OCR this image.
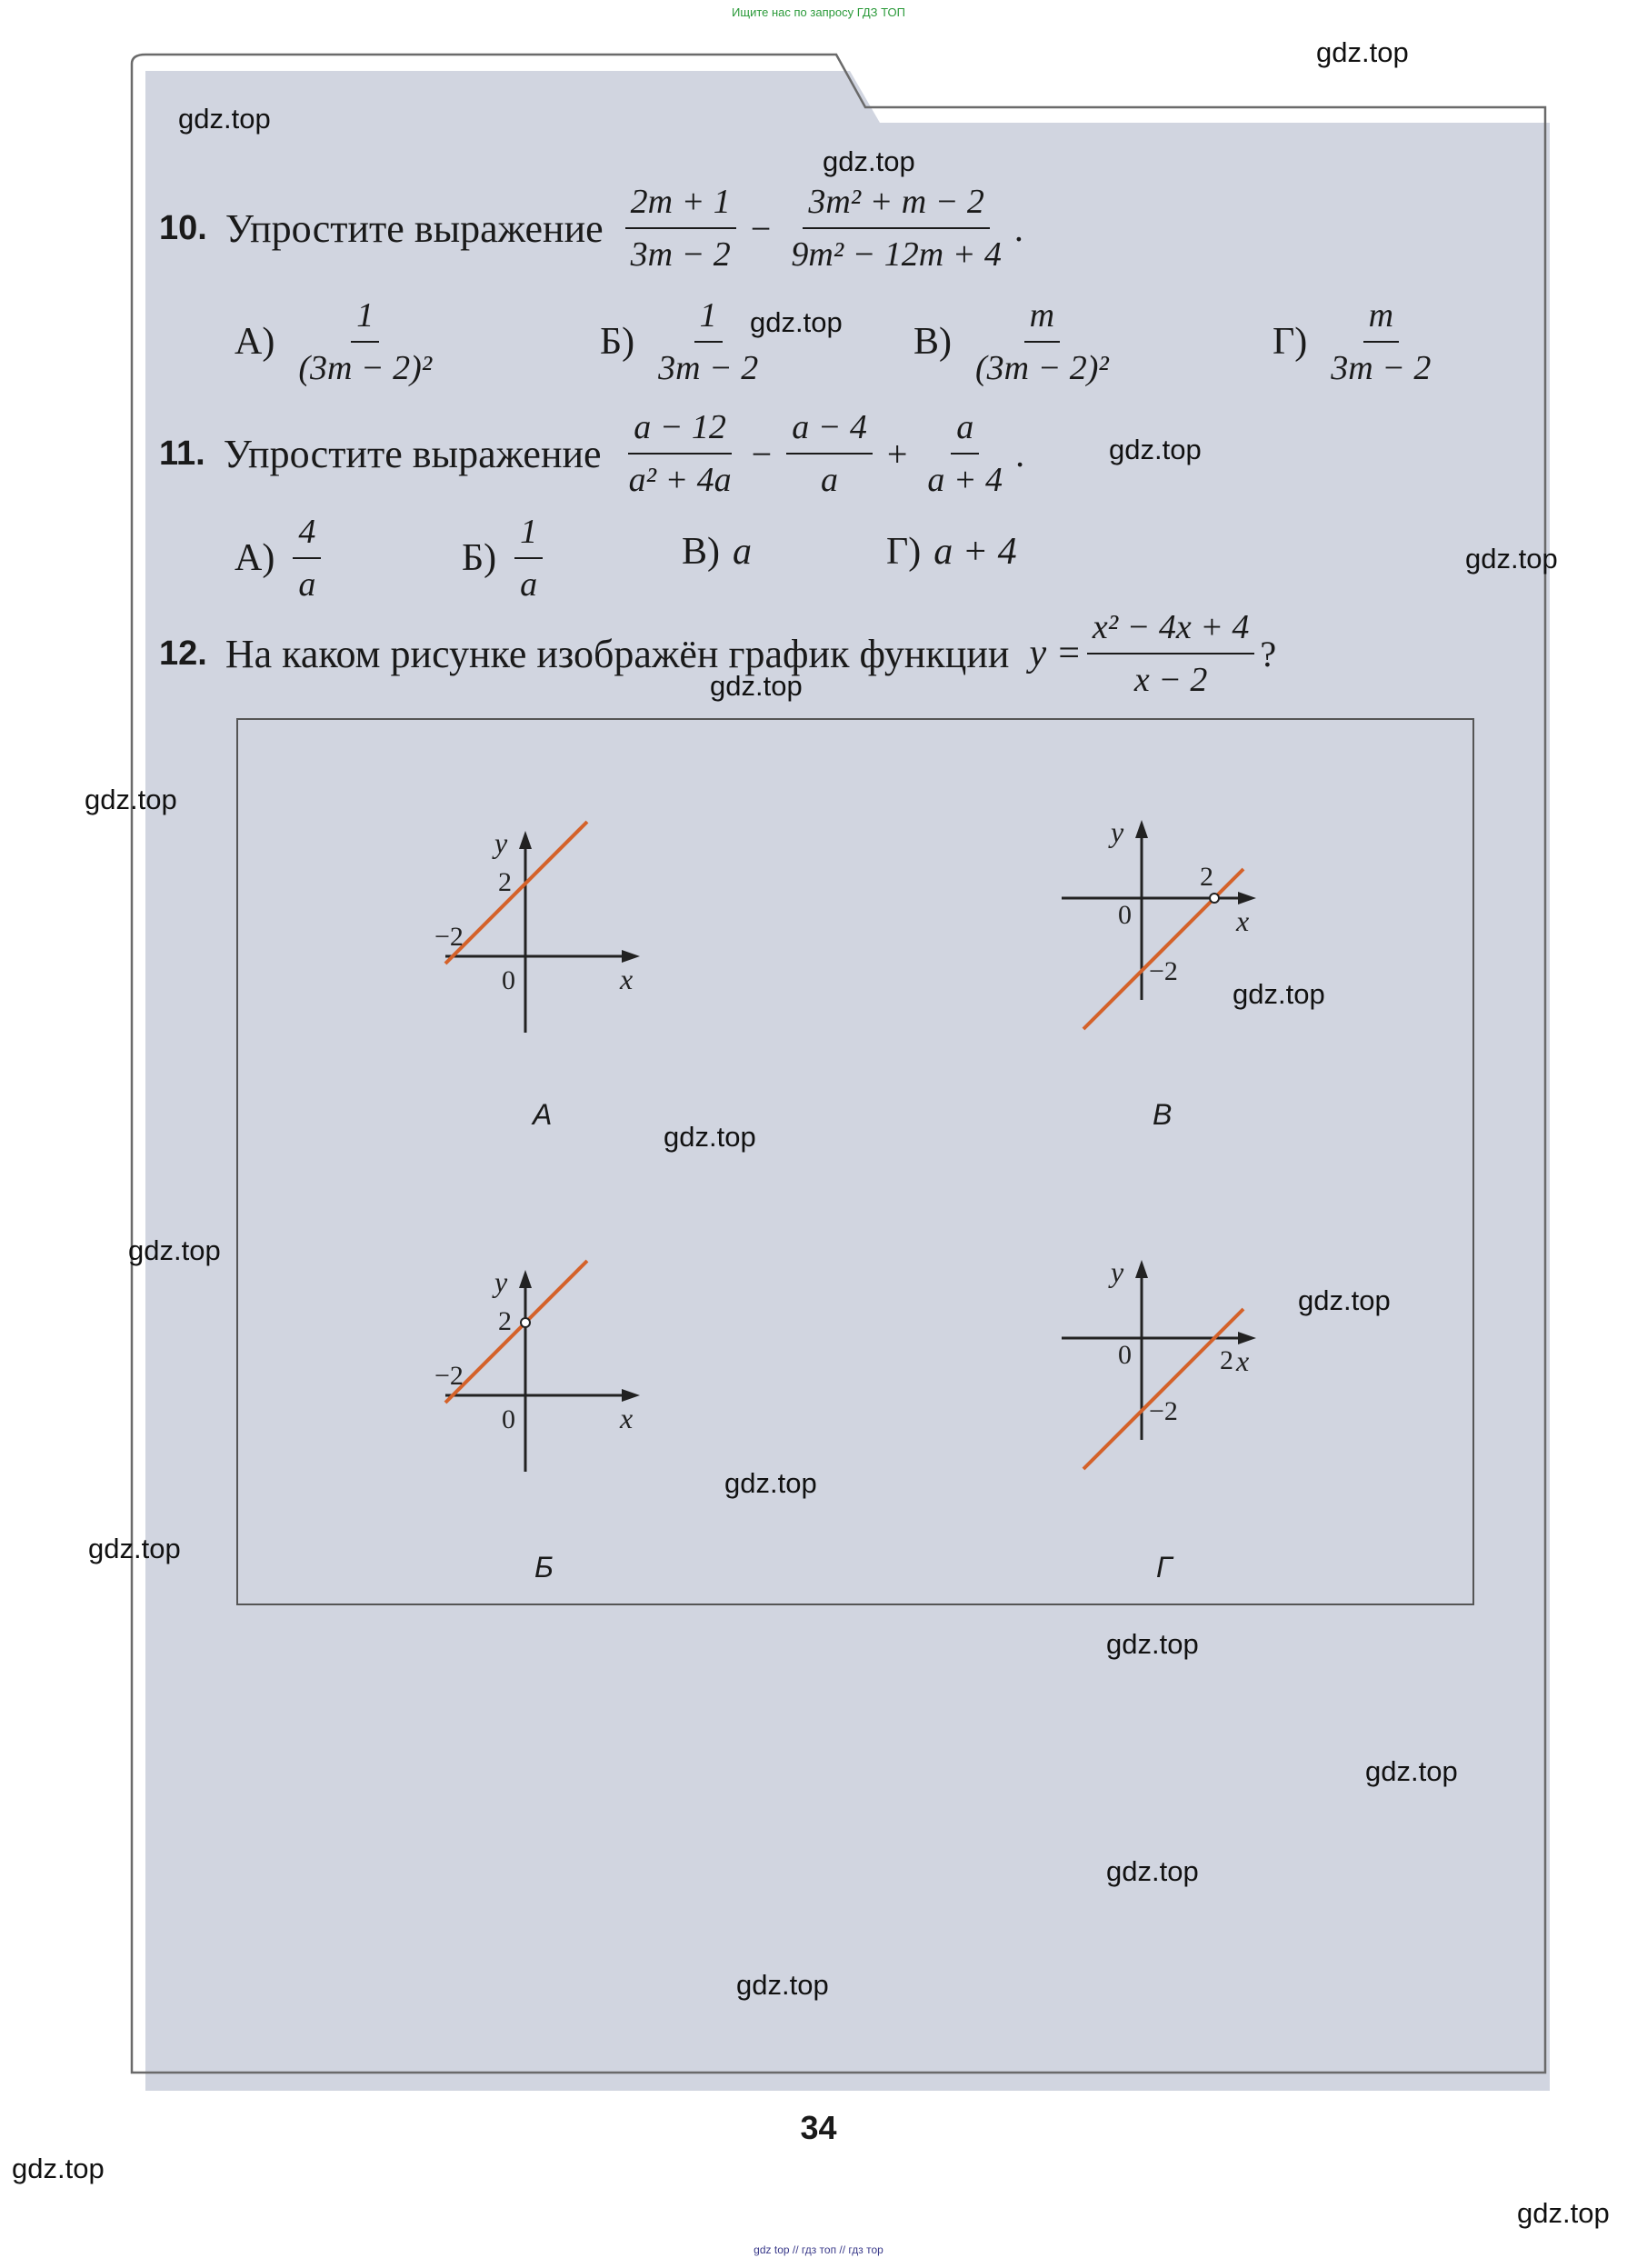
Ищите нас по запросу ГДЗ ТОП
10. Упростите выражение $\frac{2m + 1}{3m - 2} - \frac{\text{3m² + m − 2}}{\text{9m² − 12m + 4}}$ .
$А) \frac{1}{\text{(3m − 2)²}}$	$Б) \frac{1}{3m - 2}$	$В) \frac{m}{\text{(3m − 2)²}}$	$Г) \frac{m}{3m - 2}$
11. Упростите выражение $\frac{a - 12}{\text{a² + 4a}} - \frac{a - 4}{a} + \frac{a}{a + 4}$ .
$А) \frac{4}{a}$	$Б) \frac{1}{a}$	В) a	Г) a + 4
12. На каком рисунке изображён график функции $y = \frac{\text{x² − 4x + 4}}{x - 2}$ ?
x
y
0
2
−2	x
y
0
−2
2
x
y
0
2
−2	x
y
0
−2
2
А	В
Б	Г
34
gdz.top
gdz.top
gdz.top
gdz.top
gdz.top
gdz.top
gdz.top
gdz.top
gdz.top
gdz.top
gdz.top
gdz.top
gdz.top
gdz.top
gdz.top
gdz.top
gdz.top
gdz.top
gdz.top
gdz.top
gdz top // гдз топ // гдз тор
